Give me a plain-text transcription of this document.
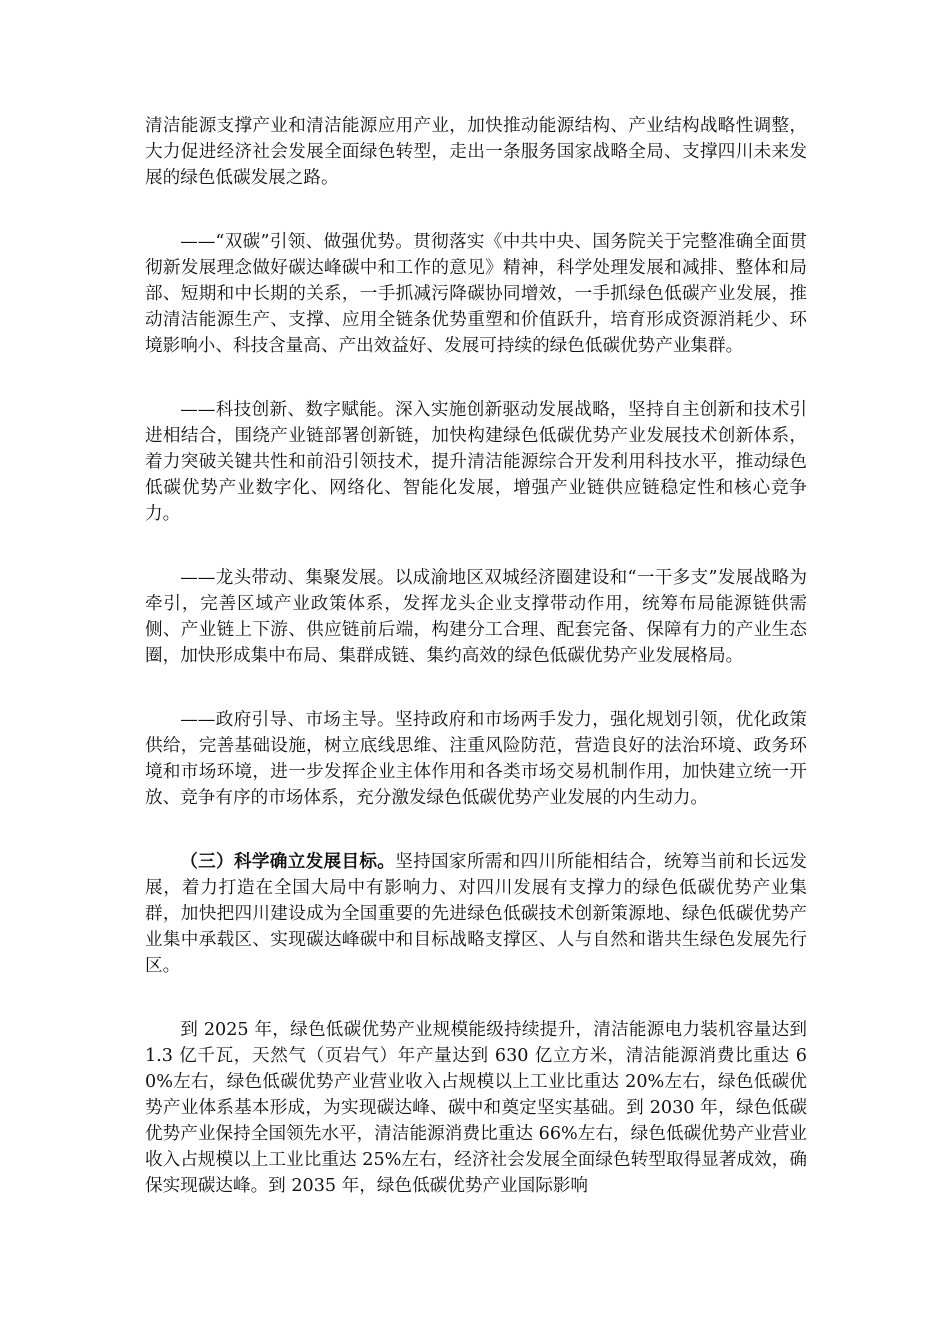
清洁能源支撑产业和清洁能源应用产业，加快推动能源结构、产业结构战略性调整，大力促进经济社会发展全面绿色转型，走出一条服务国家战略全局、支撑四川未来发展的绿色低碳发展之路。

——“双碳”引领、做强优势。贯彻落实《中共中央、国务院关于完整准确全面贯彻新发展理念做好碳达峰碳中和工作的意见》精神，科学处理发展和减排、整体和局部、短期和中长期的关系，一手抓减污降碳协同增效，一手抓绿色低碳产业发展，推动清洁能源生产、支撑、应用全链条优势重塑和价值跃升，培育形成资源消耗少、环境影响小、科技含量高、产出效益好、发展可持续的绿色低碳优势产业集群。

——科技创新、数字赋能。深入实施创新驱动发展战略，坚持自主创新和技术引进相结合，围绕产业链部署创新链，加快构建绿色低碳优势产业发展技术创新体系，着力突破关键共性和前沿引领技术，提升清洁能源综合开发利用科技水平，推动绿色低碳优势产业数字化、网络化、智能化发展，增强产业链供应链稳定性和核心竞争力。

——龙头带动、集聚发展。以成渝地区双城经济圈建设和“一干多支”发展战略为牵引，完善区域产业政策体系，发挥龙头企业支撑带动作用，统筹布局能源链供需侧、产业链上下游、供应链前后端，构建分工合理、配套完备、保障有力的产业生态圈，加快形成集中布局、集群成链、集约高效的绿色低碳优势产业发展格局。

——政府引导、市场主导。坚持政府和市场两手发力，强化规划引领，优化政策供给，完善基础设施，树立底线思维、注重风险防范，营造良好的法治环境、政务环境和市场环境，进一步发挥企业主体作用和各类市场交易机制作用，加快建立统一开放、竞争有序的市场体系，充分激发绿色低碳优势产业发展的内生动力。

（三）科学确立发展目标。坚持国家所需和四川所能相结合，统筹当前和长远发展，着力打造在全国大局中有影响力、对四川发展有支撑力的绿色低碳优势产业集群，加快把四川建设成为全国重要的先进绿色低碳技术创新策源地、绿色低碳优势产业集中承载区、实现碳达峰碳中和目标战略支撑区、人与自然和谐共生绿色发展先行区。

到 2025 年，绿色低碳优势产业规模能级持续提升，清洁能源电力装机容量达到 1.3 亿千瓦，天然气（页岩气）年产量达到 630 亿立方米，清洁能源消费比重达 60%左右，绿色低碳优势产业营业收入占规模以上工业比重达 20%左右，绿色低碳优势产业体系基本形成，为实现碳达峰、碳中和奠定坚实基础。到 2030 年，绿色低碳优势产业保持全国领先水平，清洁能源消费比重达 66%左右，绿色低碳优势产业营业收入占规模以上工业比重达 25%左右，经济社会发展全面绿色转型取得显著成效，确保实现碳达峰。到 2035 年，绿色低碳优势产业国际影响
